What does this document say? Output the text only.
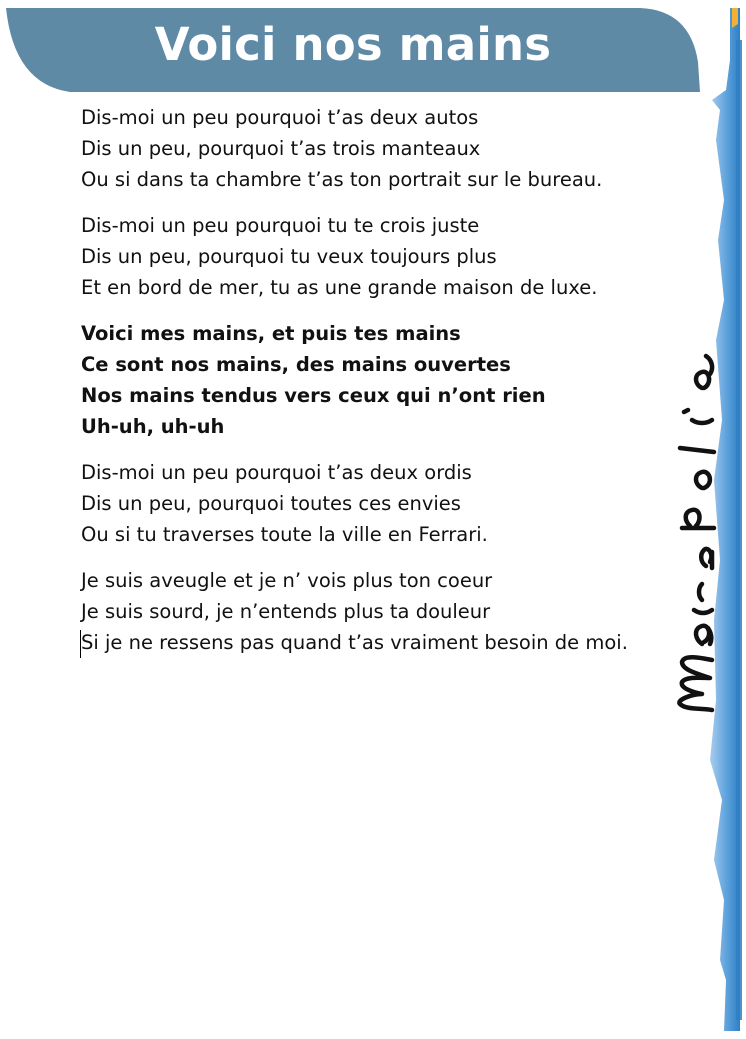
Voici nos mains
Dis-moi un peu pourquoi t’as deux autos
Dis un peu, pourquoi t’as trois manteaux
Ou si dans ta chambre t’as ton portrait sur le bureau.
Dis-moi un peu pourquoi tu te crois juste
Dis un peu, pourquoi tu veux toujours plus
Et en bord de mer, tu as une grande maison de luxe.
Voici mes mains, et puis tes mains
Ce sont nos mains, des mains ouvertes
Nos mains tendus vers ceux qui n’ont rien
Uh-uh, uh-uh
Dis-moi un peu pourquoi t’as deux ordis
Dis un peu, pourquoi toutes ces envies
Ou si tu traverses toute la ville en Ferrari.
Je suis aveugle et je n’ vois plus ton coeur
Je suis sourd, je n’entends plus ta douleur
Si je ne ressens pas quand t’as vraiment besoin de moi.
